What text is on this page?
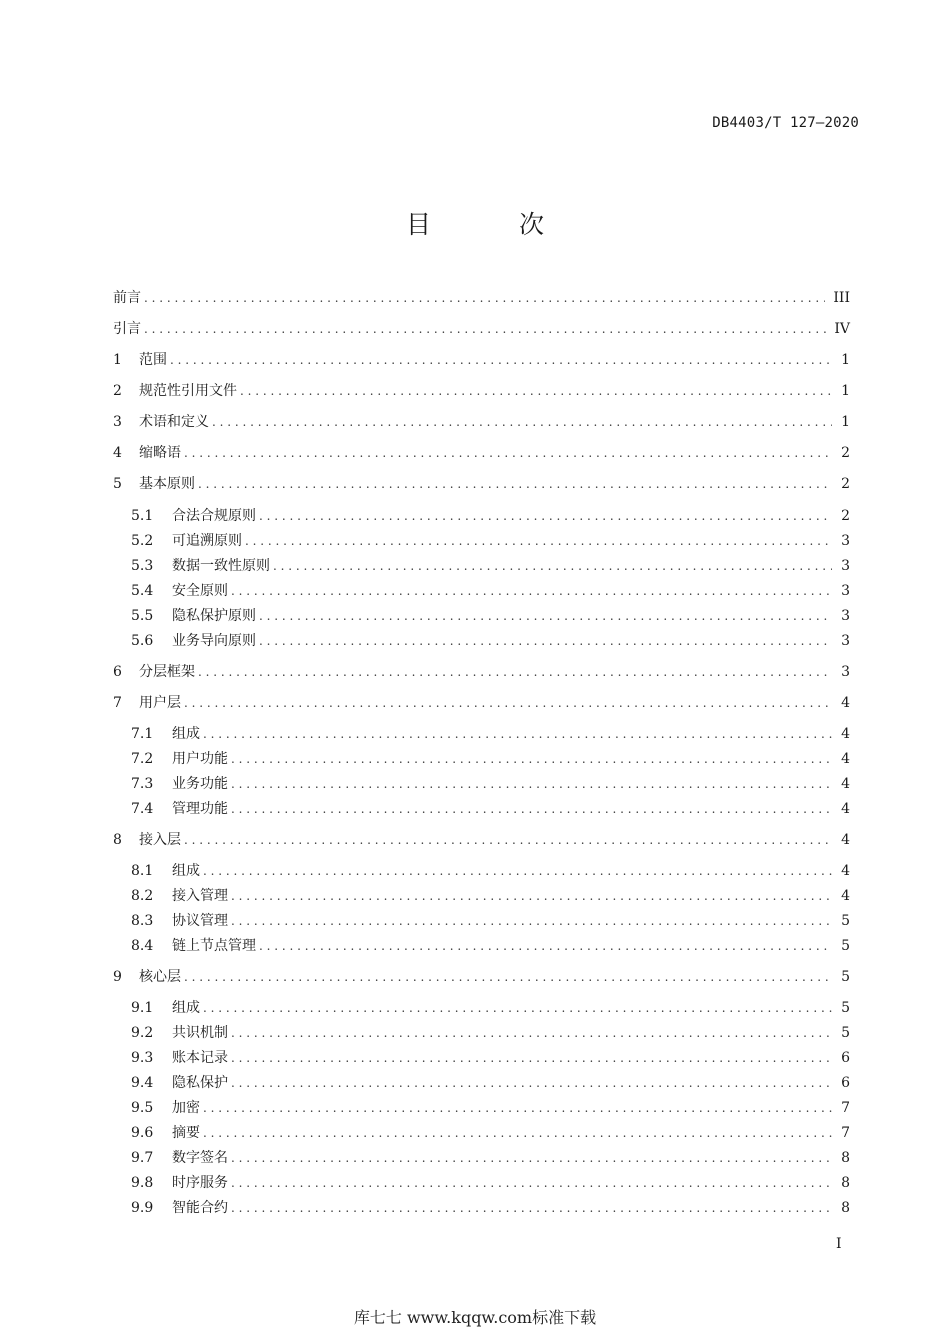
DB4403/T 127—2020
目 次
前言 . . .	III
引言 . . .	IV
1	范围 . . .	1
2	规范性引用文件 . . .	1
3	术语和定义 . . .	1
4	缩略语 . . .	2
5	基本原则 . . .	2
5.1	合法合规原则 . . .	2
5.2	可追溯原则 . . .	3
5.3	数据一致性原则 . . .	3
5.4	安全原则 . . .	3
5.5	隐私保护原则 . . .	3
5.6	业务导向原则 . . .	3
6	分层框架 . . .	3
7	用户层 . . .	4
7.1	组成 . . .	4
7.2	用户功能 . . .	4
7.3	业务功能 . . .	4
7.4	管理功能 . . .	4
8	接入层 . . .	4
8.1	组成 . . .	4
8.2	接入管理 . . .	4
8.3	协议管理 . . .	5
8.4	链上节点管理 . . .	5
9	核心层 . . .	5
9.1	组成 . . .	5
9.2	共识机制 . . .	5
9.3	账本记录 . . .	6
9.4	隐私保护 . . .	6
9.5	加密 . . .	7
9.6	摘要 . . .	7
9.7	数字签名 . . .	8
9.8	时序服务 . . .	8
9.9	智能合约 . . .	8
I
库七七 www.kqqw.com标准下载
